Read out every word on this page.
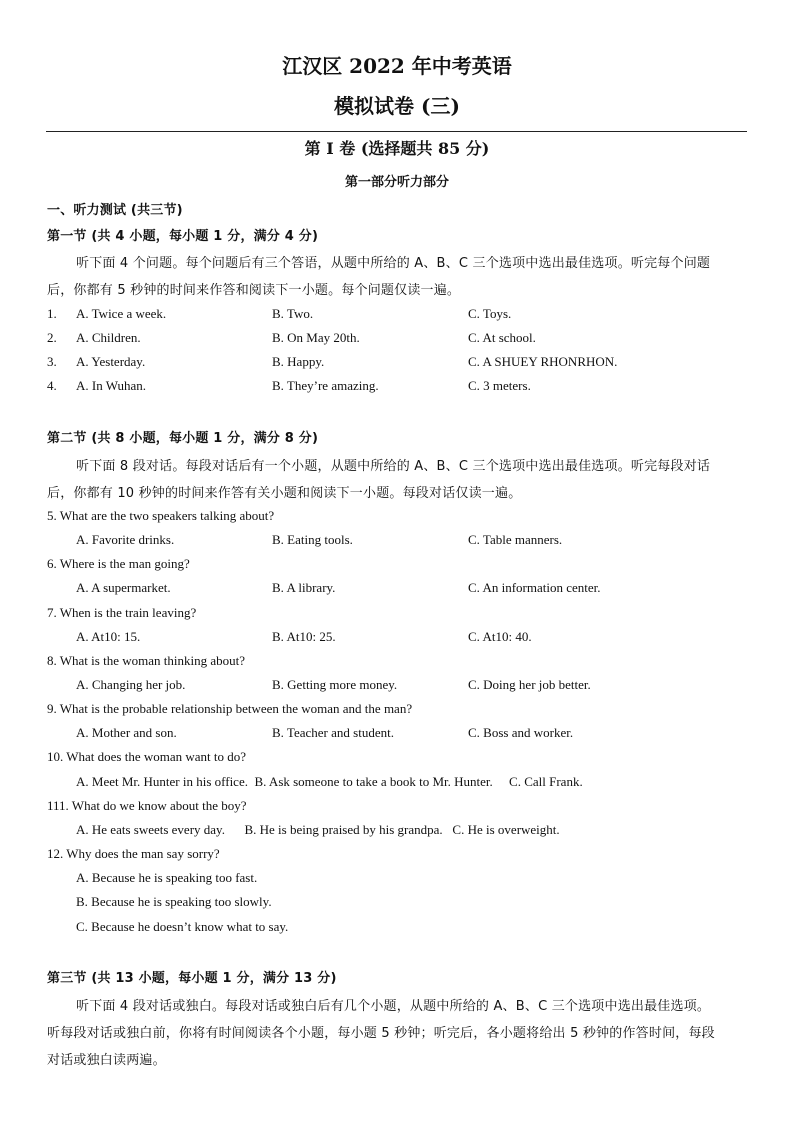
江汉区 2022 年中考英语
模拟试卷 (三)
第 I 卷 (选择题共 85 分)
第一部分听力部分
一、听力测试 (共三节)
第一节 (共 4 小题，每小题 1 分，满分 4 分)
听下面 4 个问题。每个问题后有三个答语，从题中所给的 A、B、C 三个选项中选出最佳选项。听完每个问题
后，你都有 5 秒钟的时间来作答和阅读下一小题。每个问题仅读一遍。
1. A. Twice a week.	B. Two.	C. Toys.
2. A. Children.	B. On May 20th.	C. At school.
3. A. Yesterday.	B. Happy.	C. A SHUEY RHONRHON.
4. A. In Wuhan.	B. They’re amazing.	C. 3 meters.
第二节 (共 8 小题，每小题 1 分，满分 8 分)
听下面 8 段对话。每段对话后有一个小题，从题中所给的 A、B、C 三个选项中选出最佳选项。听完每段对话
后，你都有 10 秒钟的时间来作答有关小题和阅读下一小题。每段对话仅读一遍。
5. What are the two speakers talking about?
A. Favorite drinks.	B. Eating tools.	C. Table manners.
6. Where is the man going?
A. A supermarket.	B. A library.	C. An information center.
7. When is the train leaving?
A. At10: 15.	B. At10: 25.	C. At10: 40.
8. What is the woman thinking about?
A. Changing her job.	B. Getting more money.	C. Doing her job better.
9. What is the probable relationship between the woman and the man?
A. Mother and son.	B. Teacher and student.	C. Boss and worker.
10. What does the woman want to do?
A. Meet Mr. Hunter in his office.  B. Ask someone to take a book to Mr. Hunter.     C. Call Frank.
111. What do we know about the boy?
A. He eats sweets every day.      B. He is being praised by his grandpa.   C. He is overweight.
12. Why does the man say sorry?
A. Because he is speaking too fast.
B. Because he is speaking too slowly.
C. Because he doesn’t know what to say.
第三节 (共 13 小题，每小题 1 分，满分 13 分)
听下面 4 段对话或独白。每段对话或独白后有几个小题，从题中所给的 A、B、C 三个选项中选出最佳选项。
听每段对话或独白前，你将有时间阅读各个小题，每小题 5 秒钟；听完后，各小题将给出 5 秒钟的作答时间，每段
对话或独白读两遍。
